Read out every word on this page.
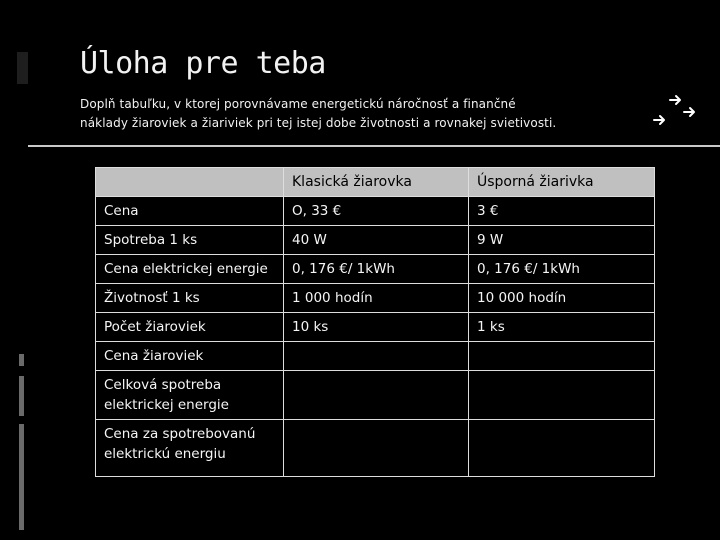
Úloha pre teba

Doplň tabuľku, v ktorej porovnávame energetickú náročnosť a finančné
náklady žiaroviek a žiariviek pri tej istej dobe životnosti a rovnakej svietivosti.

	Klasická žiarovka	Úsporná žiarivka
Cena	O, 33 €	3 €
Spotreba 1 ks	40 W	9 W
Cena elektrickej energie	0, 176 €/ 1kWh	0, 176 €/ 1kWh
Životnosť 1 ks	1 000 hodín	10 000 hodín
Počet žiaroviek	10 ks	1 ks
Cena žiaroviek		
Celková spotreba elektrickej energie		
Cena za spotrebovanú elektrickú energiu		
